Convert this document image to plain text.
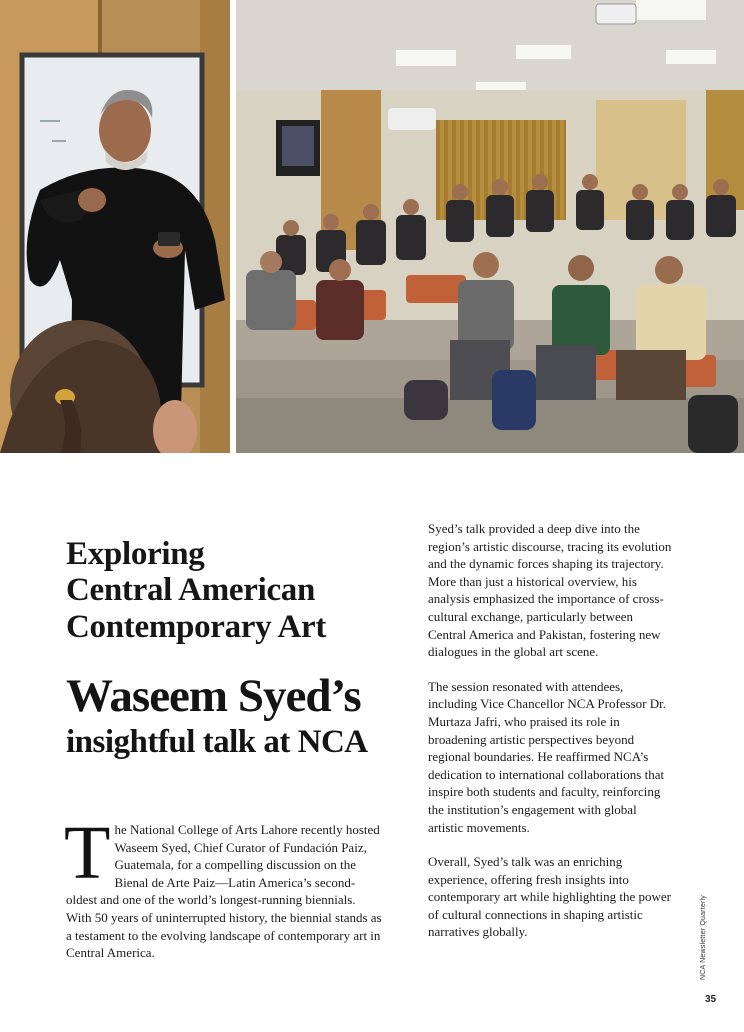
Exploring
Central American
Contemporary Art
Waseem Syed’s
insightful talk at NCA

The National College of Arts Lahore recently hosted Waseem Syed, Chief Curator of Fundación Paiz, Guatemala, for a compelling discussion on the Bienal de Arte Paiz—Latin America’s second-oldest and one of the world’s longest-running biennials. With 50 years of uninterrupted history, the biennial stands as a testament to the evolving landscape of contemporary art in Central America.

Syed’s talk provided a deep dive into the region’s artistic discourse, tracing its evolution and the dynamic forces shaping its trajectory. More than just a historical overview, his analysis emphasized the importance of cross-cultural exchange, particularly between Central America and Pakistan, fostering new dialogues in the global art scene.

The session resonated with attendees, including Vice Chancellor NCA Professor Dr. Murtaza Jafri, who praised its role in broadening artistic perspectives beyond regional boundaries. He reaffirmed NCA’s dedication to international collaborations that inspire both students and faculty, reinforcing the institution’s engagement with global artistic movements.

Overall, Syed’s talk was an enriching experience, offering fresh insights into contemporary art while highlighting the power of cultural connections in shaping artistic narratives globally.	NCA Newsletter Quarterly
35
